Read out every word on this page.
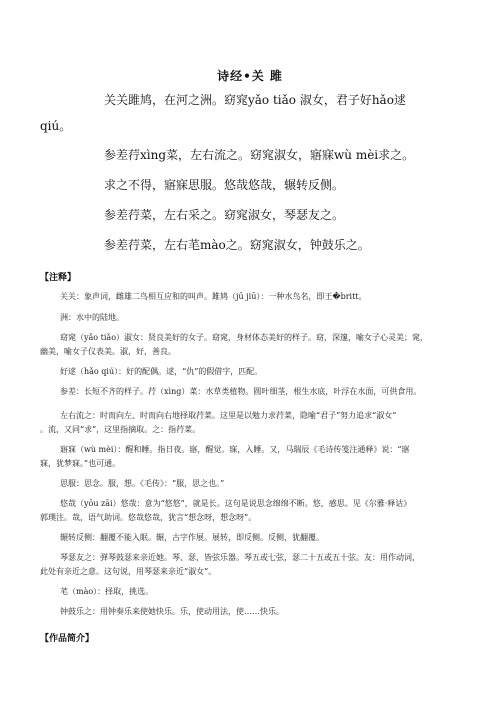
诗经•关 雎
关关雎鸠，在河之洲。窈窕yǎo tiǎo 淑女，君子好hǎo逑
qiú。
参差荇xìng菜，左右流之。窈窕淑女，寤寐wù mèi求之。
求之不得，寤寐思服。悠哉悠哉，辗转反侧。
参差荇菜，左右采之。窈窕淑女，琴瑟友之。
参差荇菜，左右芼mào之。窈窕淑女，钟鼓乐之。
【注释】
关关：象声词，雌雄二鸟相互应和的叫声。雎鸠（jū jiū）：一种水鸟名，即王�britt。
洲：水中的陆地。
窈窕（yǎo tiǎo）淑女：贤良美好的女子。窈窕，身材体态美好的样子。窈，深邃，喻女子心灵美；窕，
幽美，喻女子仪表美。淑，好，善良。
好逑（hǎo qiú）：好的配偶。逑，“仇”的假借字，匹配。
参差：长短不齐的样子。荇（xìng）菜：水草类植物。圆叶细茎，根生水底，叶浮在水面，可供食用。
左右流之：时而向左、时而向右地择取荇菜。这里是以勉力求荇菜，隐喻“君子”努力追求“淑女”
。流，又同“求”，这里指摘取。之：指荇菜。
寤寐（wù mèi）：醒和睡。指日夜。寤，醒觉。寐，入睡。又，马瑞辰《毛诗传笺注通释》说：“寤
寐，犹梦寐。”也可通。
思服：思念。服，想。《毛传》：“服，思之也。”
悠哉（yōu zāi）悠哉：意为“悠悠”，就是长。这句是说思念绵绵不断。悠，感思。见《尔雅·释诂》
郭璞注。哉，语气助词。悠哉悠哉，犹言“想念呀，想念呀”。
辗转反侧：翻覆不能入眠。辗，古字作展。展转，即反侧。反侧，犹翻覆。
琴瑟友之：弹琴鼓瑟来亲近她。琴、瑟，皆弦乐器。琴五或七弦，瑟二十五或五十弦。友：用作动词，
此处有亲近之意。这句说，用琴瑟来亲近“淑女”。
芼（mào）：择取，挑选。
钟鼓乐之：用钟奏乐来使她快乐。乐，使动用法，使……快乐。
【作品简介】
